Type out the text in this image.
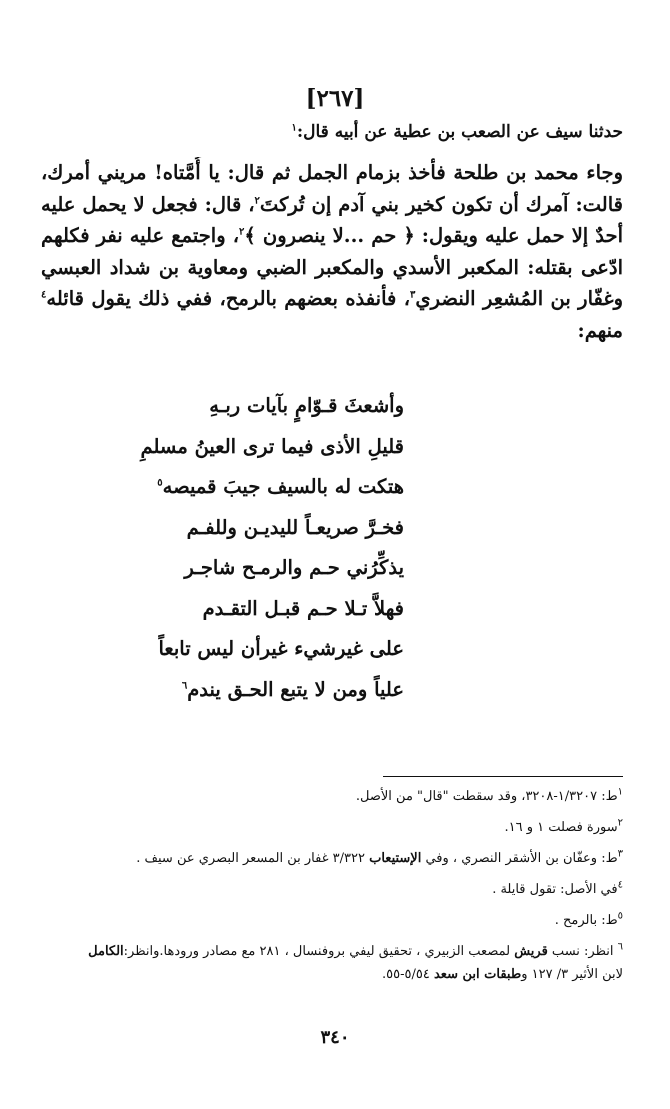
[٢٦٧]
حدثنا سيف عن الصعب بن عطية عن أبيه قال:$^١$
وجاء محمد بن طلحة فأخذ بزمام الجمل ثم قال: يا أُمَّتاه! مريني أمرك،
قالت: آمرك أن تكون كخير بني آدم إن تُركتَ$^٢$، قال: فجعل لا يحمل عليه
أحدٌ إلا حمل عليه ويقول: ﴿ حم ...لا ينصرون ﴾$^٢$، واجتمع عليه نفر فكلهم
ادّعى بقتله: المكعبر الأسدي والمكعبر الضبي ومعاوية بن شداد العبسي
وغفّار بن المُشعِر النضري$^٣$، فأنفذه بعضهم بالرمح، ففي ذلك يقول قائله$^٤$
منهم:
وأشعثَ قـوّامٍ بآيات ربـهِ
قليلِ الأذى فيما ترى العينُ مسلمِ
هتكت له بالسيف جيبَ قميصه$^٥$
فخـرَّ صريعـاً لليديـن وللفـم
يذكِّرُني حـم والرمـح شاجـر
فهلاَّ تـلا حـم قبـل التقـدم
على غيرشيء غيرأن ليس تابعاً
علياً ومن لا يتبع الحـق يندم$^٦$
$^١$ط: ١/٣٢٠٧-٣٢٠٨، وقد سقطت "قال" من الأصل.
$^٢$سورة فصلت ١ و ١٦.
$^٣$ط: وعفّان بن الأشقر النصري ، وفي الإستيعاب ٣/٣٢٢ غفار بن المسعر البصري عن سيف .
$^٤$في الأصل: تقول قايلة .
$^٥$ط: بالرمح .
$^٦$ انظر: نسب قريش لمصعب الزبيري ، تحقيق ليفي بروفنسال ، ٢٨١ مع مصادر ورودها.وانظر:الكامل
لابن الأثير ٣/ ١٢٧ وطبقات ابن سعد ٥/٥٤-٥٥.
٣٤٠
